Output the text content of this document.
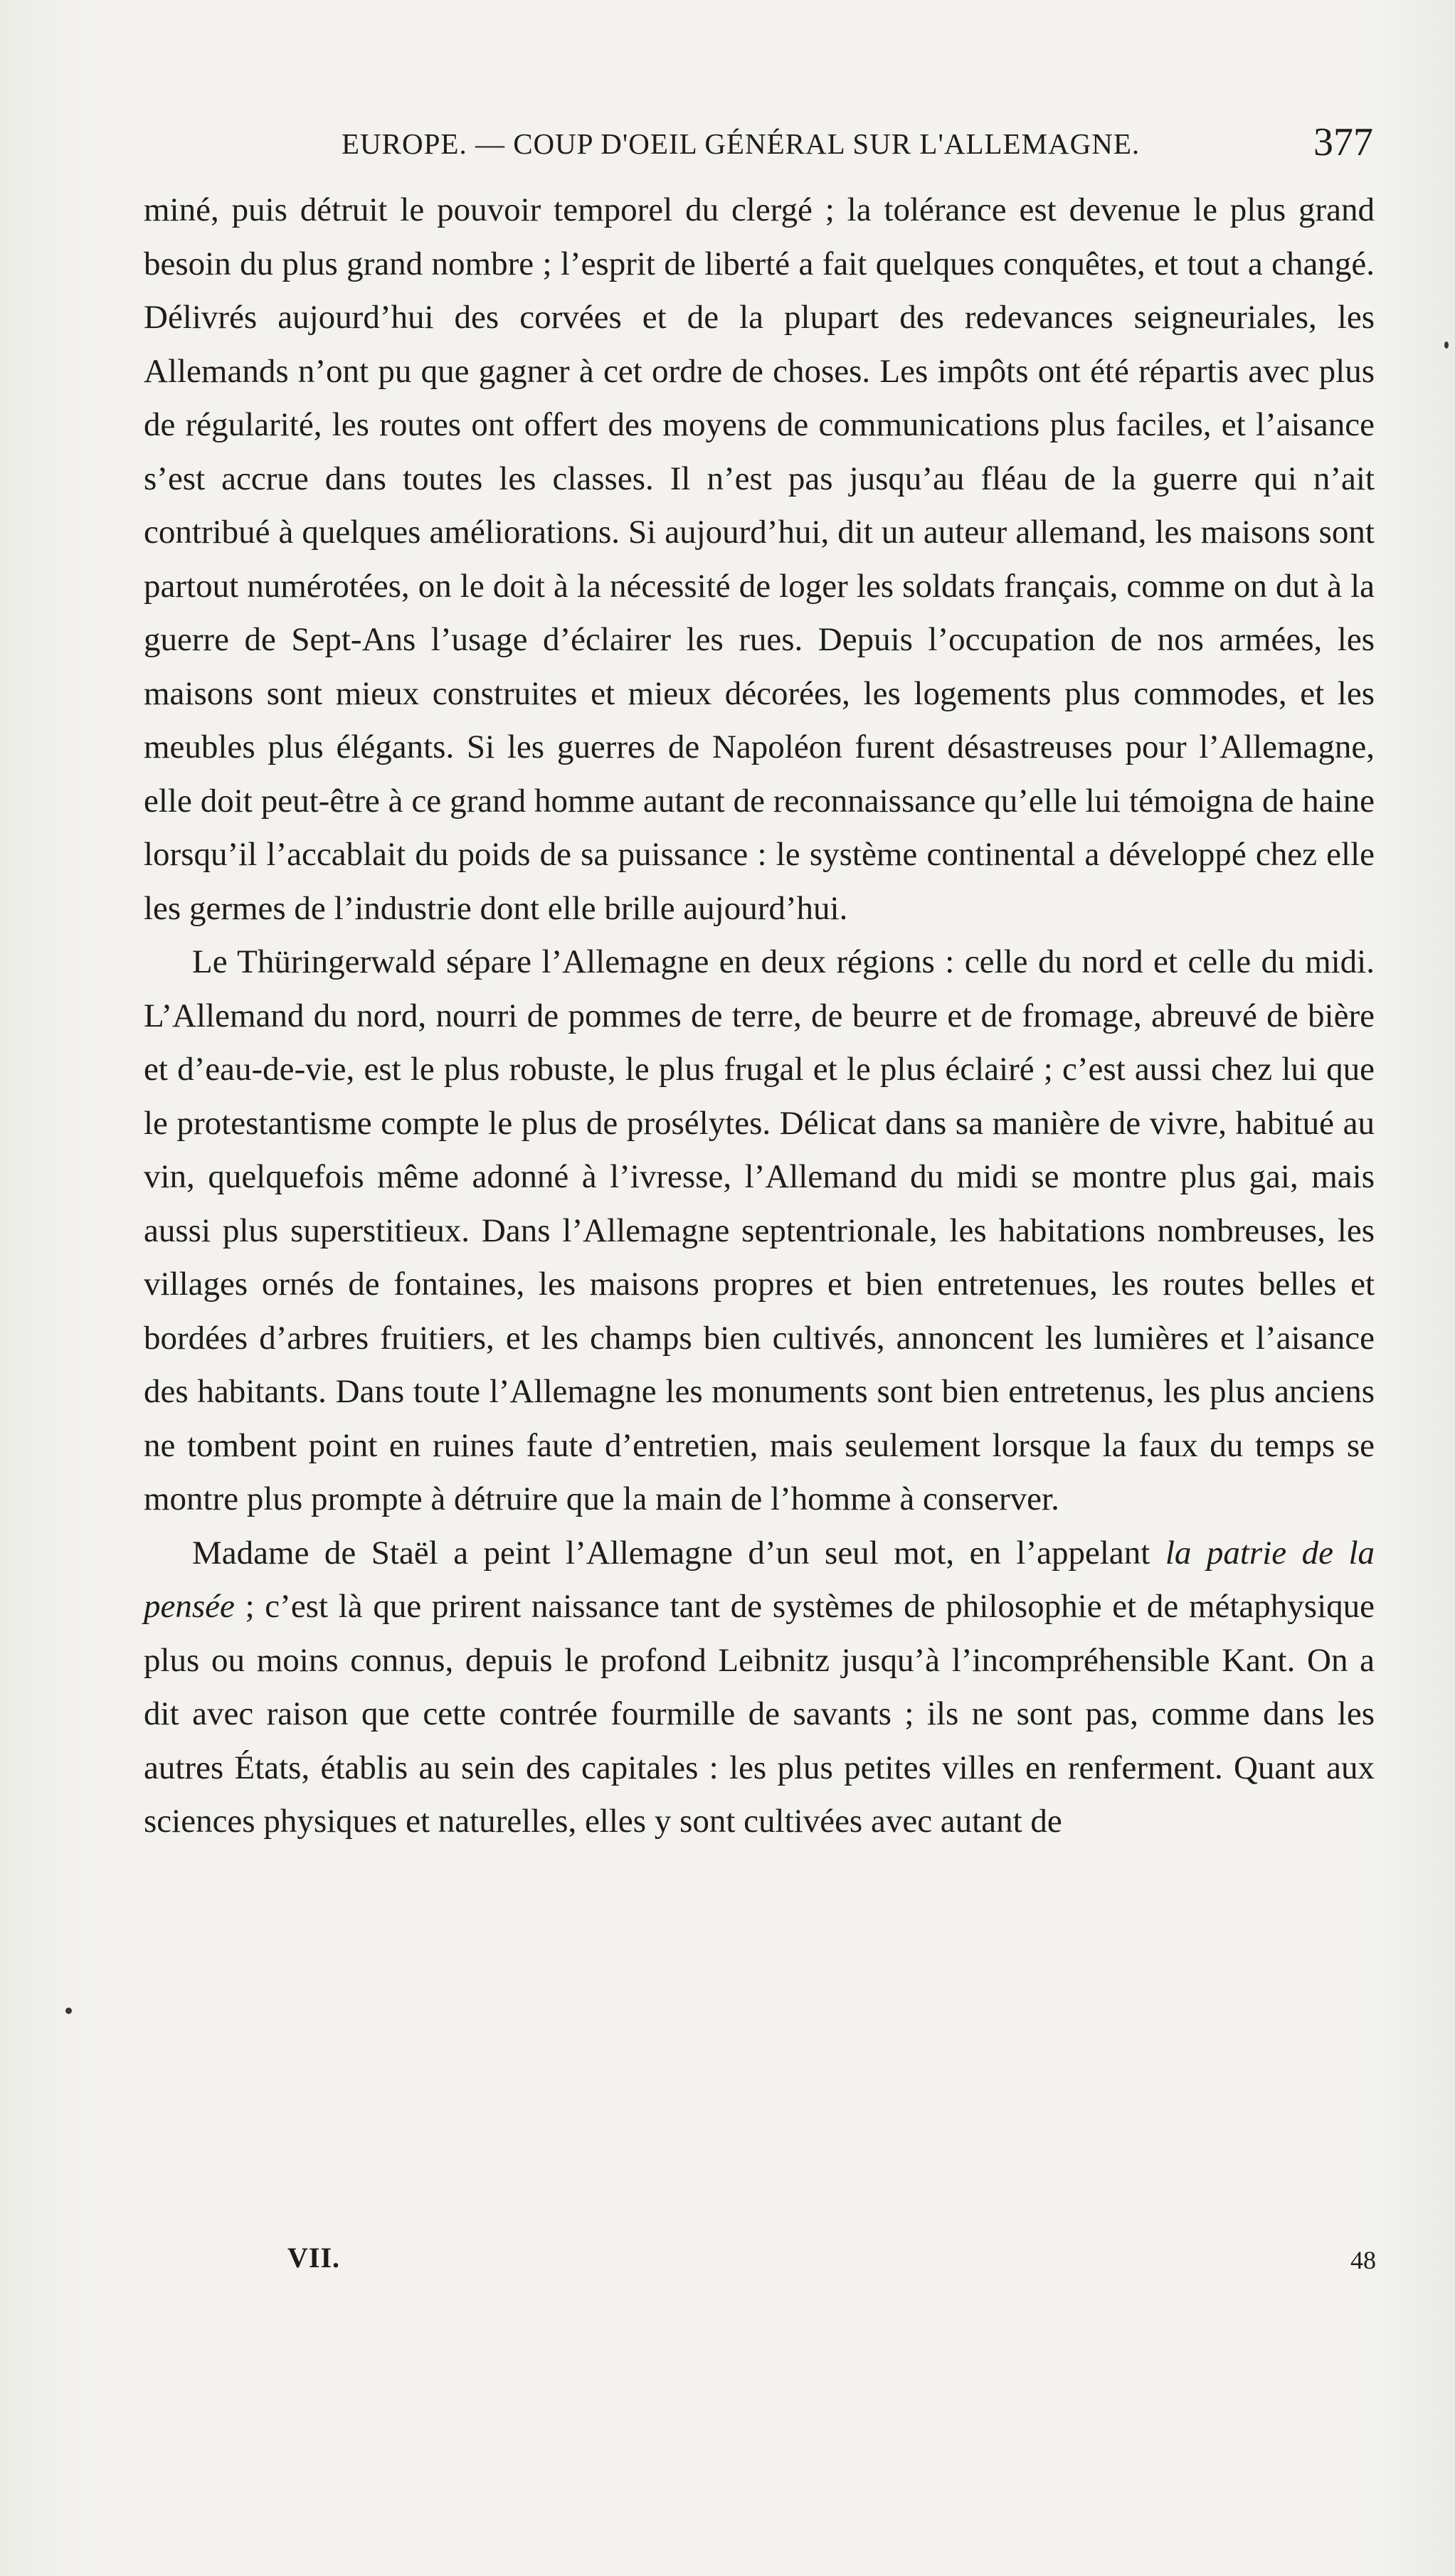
EUROPE. — COUP D'OEIL GÉNÉRAL SUR L'ALLEMAGNE.	377

miné, puis détruit le pouvoir temporel du clergé ; la tolérance est devenue le plus grand besoin du plus grand nombre ; l’esprit de liberté a fait quelques conquêtes, et tout a changé. Délivrés aujourd’hui des corvées et de la plupart des redevances seigneuriales, les Allemands n’ont pu que gagner à cet ordre de choses. Les impôts ont été répartis avec plus de régularité, les routes ont offert des moyens de communications plus faciles, et l’aisance s’est accrue dans toutes les classes. Il n’est pas jusqu’au fléau de la guerre qui n’ait contribué à quelques améliorations. Si aujourd’hui, dit un auteur allemand, les maisons sont partout numérotées, on le doit à la nécessité de loger les soldats français, comme on dut à la guerre de Sept-Ans l’usage d’éclairer les rues. Depuis l’occupation de nos armées, les maisons sont mieux construites et mieux décorées, les logements plus commodes, et les meubles plus élégants. Si les guerres de Napoléon furent désastreuses pour l’Allemagne, elle doit peut-être à ce grand homme autant de reconnaissance qu’elle lui témoigna de haine lorsqu’il l’accablait du poids de sa puissance : le système continental a développé chez elle les germes de l’industrie dont elle brille aujourd’hui.

Le Thüringerwald sépare l’Allemagne en deux régions : celle du nord et celle du midi. L’Allemand du nord, nourri de pommes de terre, de beurre et de fromage, abreuvé de bière et d’eau-de-vie, est le plus robuste, le plus frugal et le plus éclairé ; c’est aussi chez lui que le protestantisme compte le plus de prosélytes. Délicat dans sa manière de vivre, habitué au vin, quelquefois même adonné à l’ivresse, l’Allemand du midi se montre plus gai, mais aussi plus superstitieux. Dans l’Allemagne septentrionale, les habitations nombreuses, les villages ornés de fontaines, les maisons propres et bien entretenues, les routes belles et bordées d’arbres fruitiers, et les champs bien cultivés, annoncent les lumières et l’aisance des habitants. Dans toute l’Allemagne les monuments sont bien entretenus, les plus anciens ne tombent point en ruines faute d’entretien, mais seulement lorsque la faux du temps se montre plus prompte à détruire que la main de l’homme à conserver.

Madame de Staël a peint l’Allemagne d’un seul mot, en l’appelant la patrie de la pensée ; c’est là que prirent naissance tant de systèmes de philosophie et de métaphysique plus ou moins connus, depuis le profond Leibnitz jusqu’à l’incompréhensible Kant. On a dit avec raison que cette contrée fourmille de savants ; ils ne sont pas, comme dans les autres États, établis au sein des capitales : les plus petites villes en renferment. Quant aux sciences physiques et naturelles, elles y sont cultivées avec autant de

VII.	48
